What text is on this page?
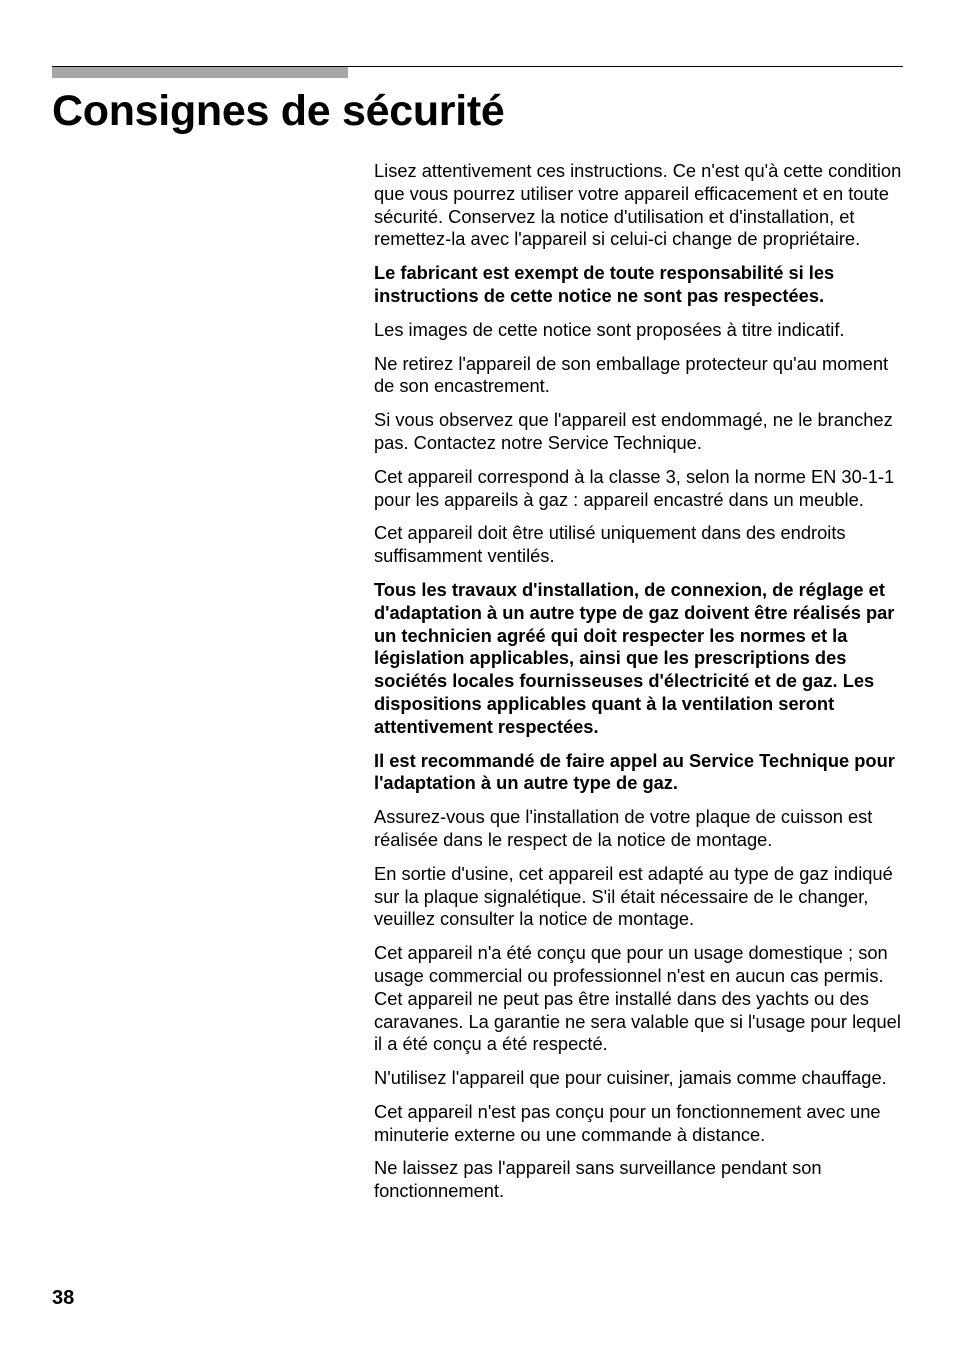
Consignes de sécurité

Lisez attentivement ces instructions. Ce n'est qu'à cette condition que vous pourrez utiliser votre appareil efficacement et en toute sécurité. Conservez la notice d'utilisation et d'installation, et remettez-la avec l'appareil si celui-ci change de propriétaire.

Le fabricant est exempt de toute responsabilité si les instructions de cette notice ne sont pas respectées.

Les images de cette notice sont proposées à titre indicatif.

Ne retirez l'appareil de son emballage protecteur qu'au moment de son encastrement.

Si vous observez que l'appareil est endommagé, ne le branchez pas. Contactez notre Service Technique.

Cet appareil correspond à la classe 3, selon la norme EN 30-1-1 pour les appareils à gaz : appareil encastré dans un meuble.

Cet appareil doit être utilisé uniquement dans des endroits suffisamment ventilés.

Tous les travaux d'installation, de connexion, de réglage et d'adaptation à un autre type de gaz doivent être réalisés par un technicien agréé qui doit respecter les normes et la législation applicables, ainsi que les prescriptions des sociétés locales fournisseuses d'électricité et de gaz. Les dispositions applicables quant à la ventilation seront attentivement respectées.

Il est recommandé de faire appel au Service Technique pour l'adaptation à un autre type de gaz.

Assurez-vous que l'installation de votre plaque de cuisson est réalisée dans le respect de la notice de montage.

En sortie d'usine, cet appareil est adapté au type de gaz indiqué sur la plaque signalétique. S'il était nécessaire de le changer, veuillez consulter la notice de montage.

Cet appareil n'a été conçu que pour un usage domestique ; son usage commercial ou professionnel n'est en aucun cas permis. Cet appareil ne peut pas être installé dans des yachts ou des caravanes. La garantie ne sera valable que si l'usage pour lequel il a été conçu a été respecté.

N'utilisez l'appareil que pour cuisiner, jamais comme chauffage.

Cet appareil n'est pas conçu pour un fonctionnement avec une minuterie externe ou une commande à distance.

Ne laissez pas l'appareil sans surveillance pendant son fonctionnement.

38
